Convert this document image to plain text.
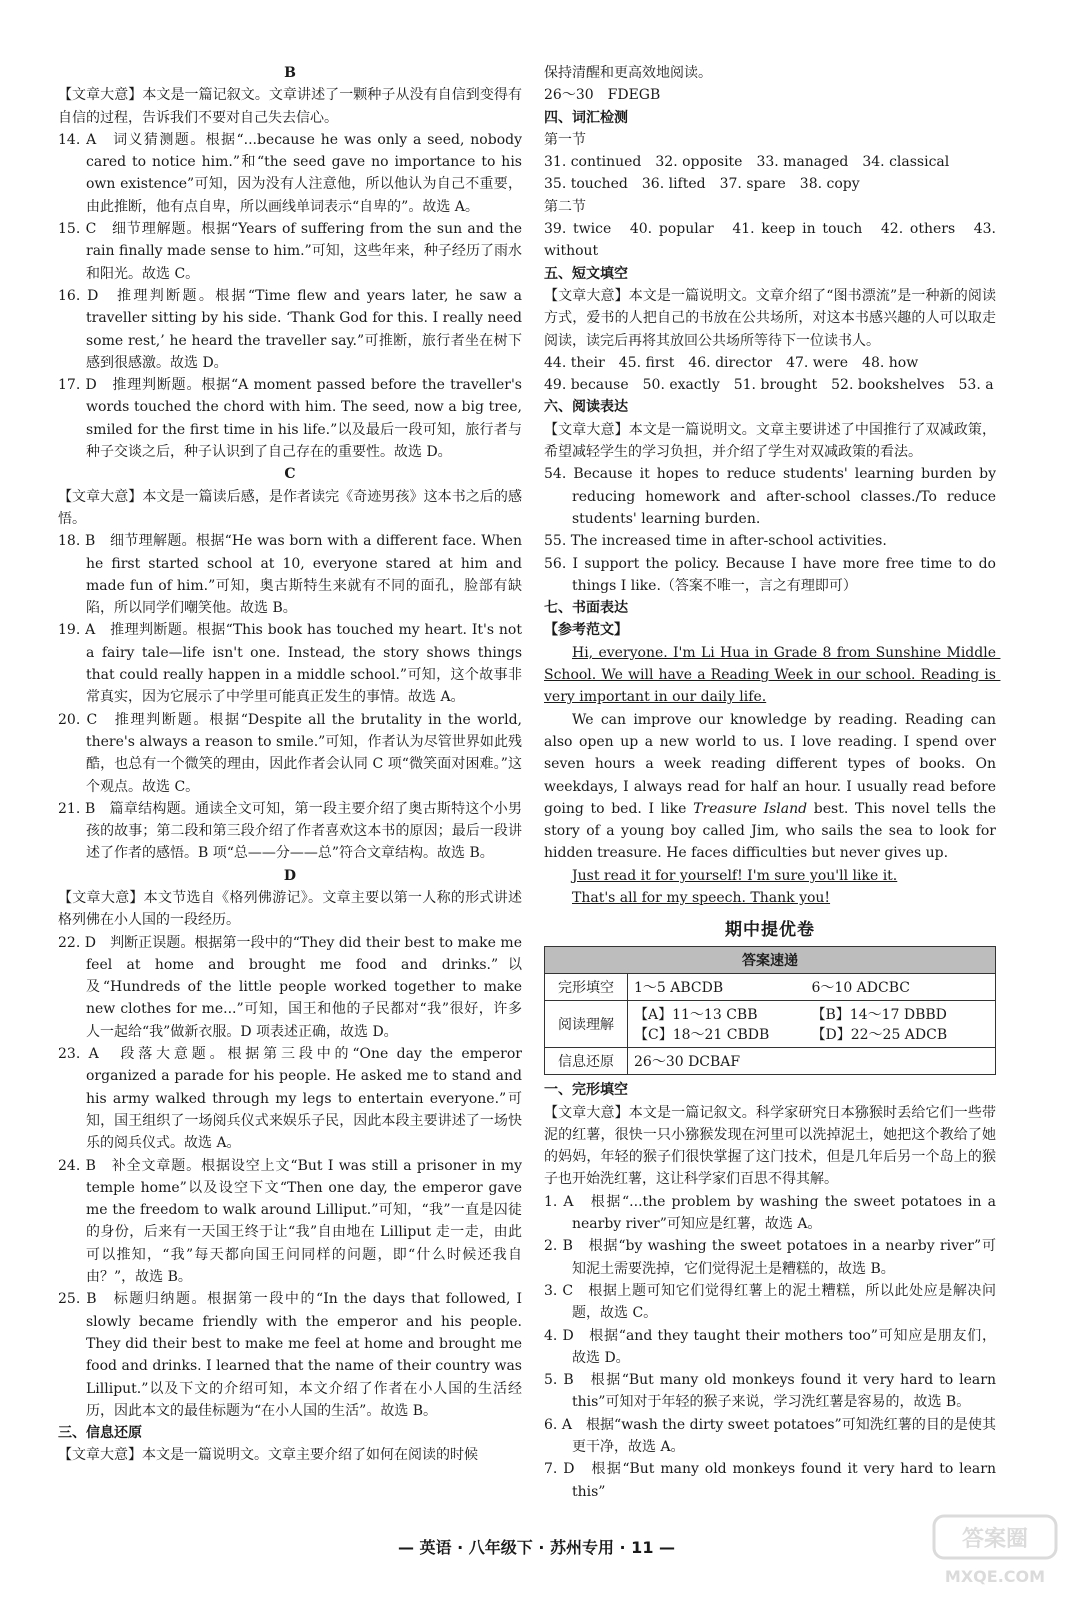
B
【文章大意】本文是一篇记叙文。文章讲述了一颗种子从没有自信到变得有自信的过程，告诉我们不要对自己失去信心。
14. A　词义猜测题。根据“...because he was only a seed, nobody cared to notice him.”和“the seed gave no importance to his own existence”可知，因为没有人注意他，所以他认为自己不重要，由此推断，他有点自卑，所以画线单词表示“自卑的”。故选 A。
15. C　细节理解题。根据“Years of suffering from the sun and the rain finally made sense to him.”可知，这些年来，种子经历了雨水和阳光。故选 C。
16. D　推理判断题。根据“Time flew and years later, he saw a traveller sitting by his side. ‘Thank God for this. I really need some rest,’ he heard the traveller say.”可推断，旅行者坐在树下感到很感激。故选 D。
17. D　推理判断题。根据“A moment passed before the traveller's words touched the chord with him. The seed, now a big tree, smiled for the first time in his life.”以及最后一段可知，旅行者与种子交谈之后，种子认识到了自己存在的重要性。故选 D。
C
【文章大意】本文是一篇读后感，是作者读完《奇迹男孩》这本书之后的感悟。
18. B　细节理解题。根据“He was born with a different face. When he first started school at 10, everyone stared at him and made fun of him.”可知，奥古斯特生来就有不同的面孔，脸部有缺陷，所以同学们嘲笑他。故选 B。
19. A　推理判断题。根据“This book has touched my heart. It's not a fairy tale—life isn't one. Instead, the story shows things that could really happen in a middle school.”可知，这个故事非常真实，因为它展示了中学里可能真正发生的事情。故选 A。
20. C　推理判断题。根据“Despite all the brutality in the world, there's always a reason to smile.”可知，作者认为尽管世界如此残酷，也总有一个微笑的理由，因此作者会认同 C 项“微笑面对困难。”这个观点。故选 C。
21. B　篇章结构题。通读全文可知，第一段主要介绍了奥古斯特这个小男孩的故事；第二段和第三段介绍了作者喜欢这本书的原因；最后一段讲述了作者的感悟。B 项“总——分——总”符合文章结构。故选 B。
D
【文章大意】本文节选自《格列佛游记》。文章主要以第一人称的形式讲述格列佛在小人国的一段经历。
22. D　判断正误题。根据第一段中的“They did their best to make me feel at home and brought me food and drinks.”以及“Hundreds of the little people worked together to make new clothes for me...”可知，国王和他的子民都对“我”很好，许多人一起给“我”做新衣服。D 项表述正确，故选 D。
23. A　段落大意题。根据第三段中的“One day the emperor organized a parade for his people. He asked me to stand and his army walked through my legs to entertain everyone.”可知，国王组织了一场阅兵仪式来娱乐子民，因此本段主要讲述了一场快乐的阅兵仪式。故选 A。
24. B　补全文章题。根据设空上文“But I was still a prisoner in my temple home”以及设空下文“Then one day, the emperor gave me the freedom to walk around Lilliput.”可知，“我”一直是囚徒的身份，后来有一天国王终于让“我”自由地在 Lilliput 走一走，由此可以推知，“我”每天都向国王问同样的问题，即“什么时候还我自由？”，故选 B。
25. B　标题归纳题。根据第一段中的“In the days that followed, I slowly became friendly with the emperor and his people. They did their best to make me feel at home and brought me food and drinks. I learned that the name of their country was Lilliput.”以及下文的介绍可知，本文介绍了作者在小人国的生活经历，因此本文的最佳标题为“在小人国的生活”。故选 B。
三、信息还原
【文章大意】本文是一篇说明文。文章主要介绍了如何在阅读的时候
保持清醒和更高效地阅读。
26～30　FDEGB
四、词汇检测
第一节
31. continued　32. opposite　33. managed　34. classical
35. touched　36. lifted　37. spare　38. copy
第二节
39. twice　40. popular　41. keep in touch　42. others　43. without
五、短文填空
【文章大意】本文是一篇说明文。文章介绍了“图书漂流”是一种新的阅读方式，爱书的人把自己的书放在公共场所，对这本书感兴趣的人可以取走阅读，读完后再将其放回公共场所等待下一位读书人。
44. their　45. first　46. director　47. were　48. how
49. because　50. exactly　51. brought　52. bookshelves　53. a
六、阅读表达
【文章大意】本文是一篇说明文。文章主要讲述了中国推行了双减政策，希望减轻学生的学习负担，并介绍了学生对双减政策的看法。
54. Because it hopes to reduce students' learning burden by reducing homework and after-school classes./To reduce students' learning burden.
55. The increased time in after-school activities.
56. I support the policy. Because I have more free time to do things I like.（答案不唯一，言之有理即可）
七、书面表达
【参考范文】
Hi, everyone. I'm Li Hua in Grade 8 from Sunshine Middle School. We will have a Reading Week in our school. Reading is very important in our daily life.
We can improve our knowledge by reading. Reading can also open up a new world to us. I love reading. I spend over seven hours a week reading different types of books. On weekdays, I always read for half an hour. I usually read before going to bed. I like Treasure Island best. This novel tells the story of a young boy called Jim, who sails the sea to look for hidden treasure. He faces difficulties but never gives up.
Just read it for yourself! I'm sure you'll like it.
That's all for my speech. Thank you!
期中提优卷
答案速递	
完形填空	1～5 ABCDB 6～10 ADCBC

阅读理解	【A】11～13 CBB 【B】14～17 DBBD
【C】18～21 CBDB 【D】22～25 ADCB

信息还原	26～30 DCBAF
一、完形填空
【文章大意】本文是一篇记叙文。科学家研究日本猕猴时丢给它们一些带泥的红薯，很快一只小猕猴发现在河里可以洗掉泥土，她把这个教给了她的妈妈，年轻的猴子们很快掌握了这门技术，但是几年后另一个岛上的猴子也开始洗红薯，这让科学家们百思不得其解。
1. A　根据“...the problem by washing the sweet potatoes in a nearby river”可知应是红薯，故选 A。
2. B　根据“by washing the sweet potatoes in a nearby river”可知泥土需要洗掉，它们觉得泥土是糟糕的，故选 B。
3. C　根据上题可知它们觉得红薯上的泥土糟糕，所以此处应是解决问题，故选 C。
4. D　根据“and they taught their mothers too”可知应是朋友们，故选 D。
5. B　根据“But many old monkeys found it very hard to learn this”可知对于年轻的猴子来说，学习洗红薯是容易的，故选 B。
6. A　根据“wash the dirty sweet potatoes”可知洗红薯的目的是使其更干净，故选 A。
7. D　根据“But many old monkeys found it very hard to learn this”
— 英语 · 八年级下 · 苏州专用 · 11 —	答案圈
MXQE.COM
